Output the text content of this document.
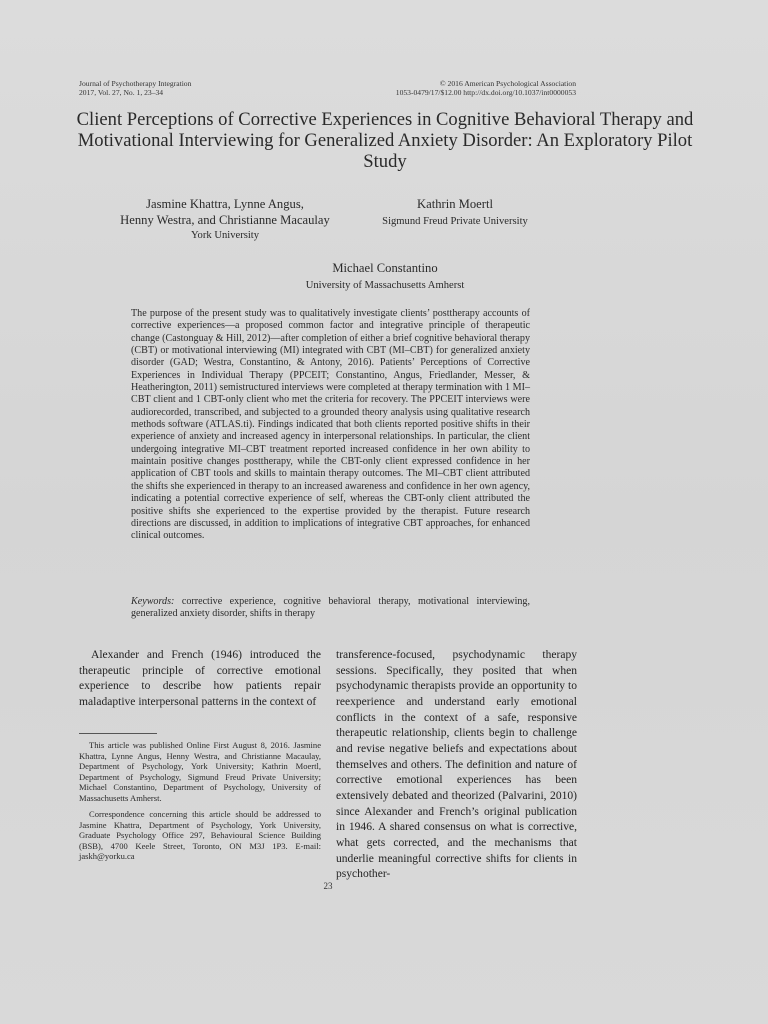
Journal of Psychotherapy Integration
2017, Vol. 27, No. 1, 23–34
© 2016 American Psychological Association
1053-0479/17/$12.00 http://dx.doi.org/10.1037/int0000053
Client Perceptions of Corrective Experiences in Cognitive Behavioral Therapy and Motivational Interviewing for Generalized Anxiety Disorder: An Exploratory Pilot Study
Jasmine Khattra, Lynne Angus,
Henny Westra, and Christianne Macaulay
York University
Kathrin Moertl
Sigmund Freud Private University
Michael Constantino
University of Massachusetts Amherst
The purpose of the present study was to qualitatively investigate clients’ posttherapy accounts of corrective experiences—a proposed common factor and integrative principle of therapeutic change (Castonguay & Hill, 2012)—after completion of either a brief cognitive behavioral therapy (CBT) or motivational interviewing (MI) integrated with CBT (MI–CBT) for generalized anxiety disorder (GAD; Westra, Constantino, & Antony, 2016). Patients’ Perceptions of Corrective Experiences in Individual Therapy (PPCEIT; Constantino, Angus, Friedlander, Messer, & Heatherington, 2011) semistructured interviews were completed at therapy termination with 1 MI–CBT client and 1 CBT-only client who met the criteria for recovery. The PPCEIT interviews were audiorecorded, transcribed, and subjected to a grounded theory analysis using qualitative research methods software (ATLAS.ti). Findings indicated that both clients reported positive shifts in their experience of anxiety and increased agency in interpersonal relationships. In particular, the client undergoing integrative MI–CBT treatment reported increased confidence in her own ability to maintain positive changes posttherapy, while the CBT-only client expressed confidence in her application of CBT tools and skills to maintain therapy outcomes. The MI–CBT client attributed the shifts she experienced in therapy to an increased awareness and confidence in her own agency, indicating a potential corrective experience of self, whereas the CBT-only client attributed the positive shifts she experienced to the expertise provided by the therapist. Future research directions are discussed, in addition to implications of integrative CBT approaches, for enhanced clinical outcomes.
Keywords: corrective experience, cognitive behavioral therapy, motivational interviewing, generalized anxiety disorder, shifts in therapy
Alexander and French (1946) introduced the therapeutic principle of corrective emotional experience to describe how patients repair maladaptive interpersonal patterns in the context of
This article was published Online First August 8, 2016. Jasmine Khattra, Lynne Angus, Henny Westra, and Christianne Macaulay, Department of Psychology, York University; Kathrin Moertl, Department of Psychology, Sigmund Freud Private University; Michael Constantino, Department of Psychology, University of Massachusetts Amherst.
Correspondence concerning this article should be addressed to Jasmine Khattra, Department of Psychology, York University, Graduate Psychology Office 297, Behavioural Science Building (BSB), 4700 Keele Street, Toronto, ON M3J 1P3. E-mail: jaskh@yorku.ca
transference-focused, psychodynamic therapy sessions. Specifically, they posited that when psychodynamic therapists provide an opportunity to reexperience and understand early emotional conflicts in the context of a safe, responsive therapeutic relationship, clients begin to challenge and revise negative beliefs and expectations about themselves and others. The definition and nature of corrective emotional experiences has been extensively debated and theorized (Palvarini, 2010) since Alexander and French’s original publication in 1946. A shared consensus on what is corrective, what gets corrected, and the mechanisms that underlie meaningful corrective shifts for clients in psychother-
23
